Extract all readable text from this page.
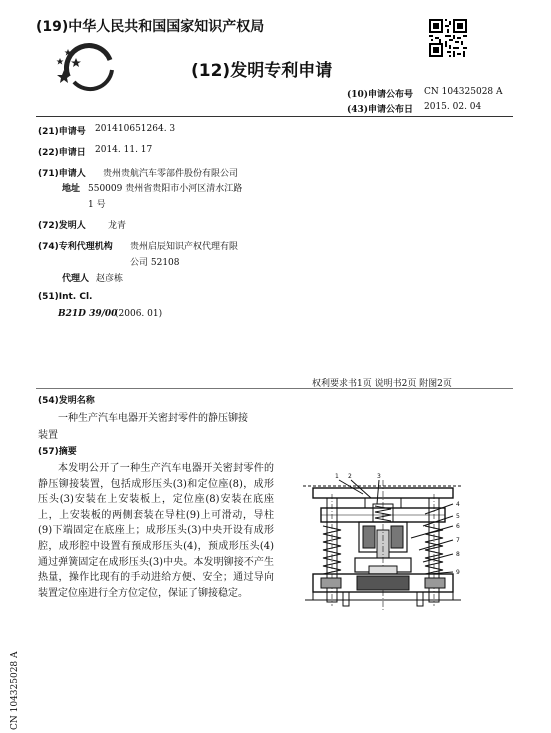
(19)中华人民共和国国家知识产权局
(12)发明专利申请
(10)申请公布号 CN 104325028 A
(43)申请公布日 2015. 02. 04
(21)申请号 201410651264. 3
(22)申请日 2014. 11. 17
(71)申请人 贵州贵航汽车零部件股份有限公司
地址 550009 贵州省贵阳市小河区清水江路
1 号
(72)发明人 龙青
(74)专利代理机构 贵州启辰知识产权代理有限
公司 52108
代理人 赵彦栋
(51)Int. Cl.
B21D 39/00
(2006. 01)
权利要求书1页 说明书2页 附图2页
(54)发明名称
一种生产汽车电器开关密封零件的静压铆接
装置
(57)摘要

本发明公开了一种生产汽车电器开关密封零件的静压铆接装置，包括成形压头(3)和定位座(8)，成形压头(3)安装在上安装板上，定位座(8)安装在底座上，上安装板的两侧套装在导柱(9)上可滑动，导柱(9)下端固定在底座上；成形压头(3)中央开设有成形腔，成形腔中设置有预成形压头(4)，预成形压头(4)通过弹簧固定在成形压头(3)中央。本发明铆接不产生热量，操作比现有的手动进给方便、安全；通过导向装置定位座进行全方位定位，保证了铆接稳定。

1 2	3
4
5
6
7
8
9
CN 104325028 A
